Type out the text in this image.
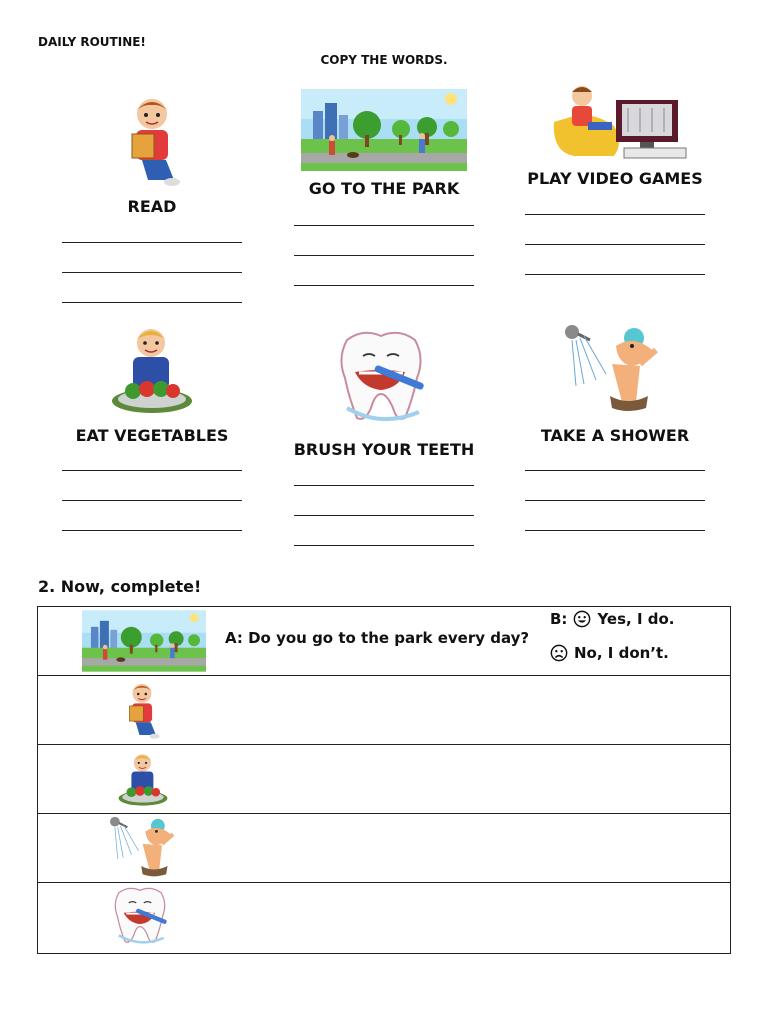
DAILY ROUTINE!
COPY THE WORDS.
READ
GO TO THE PARK
PLAY VIDEO GAMES
EAT VEGETABLES
BRUSH YOUR TEETH
TAKE A SHOWER
2. Now, complete!
A: Do you go to the park every day?
B: Yes, I do.
No, I don’t.
